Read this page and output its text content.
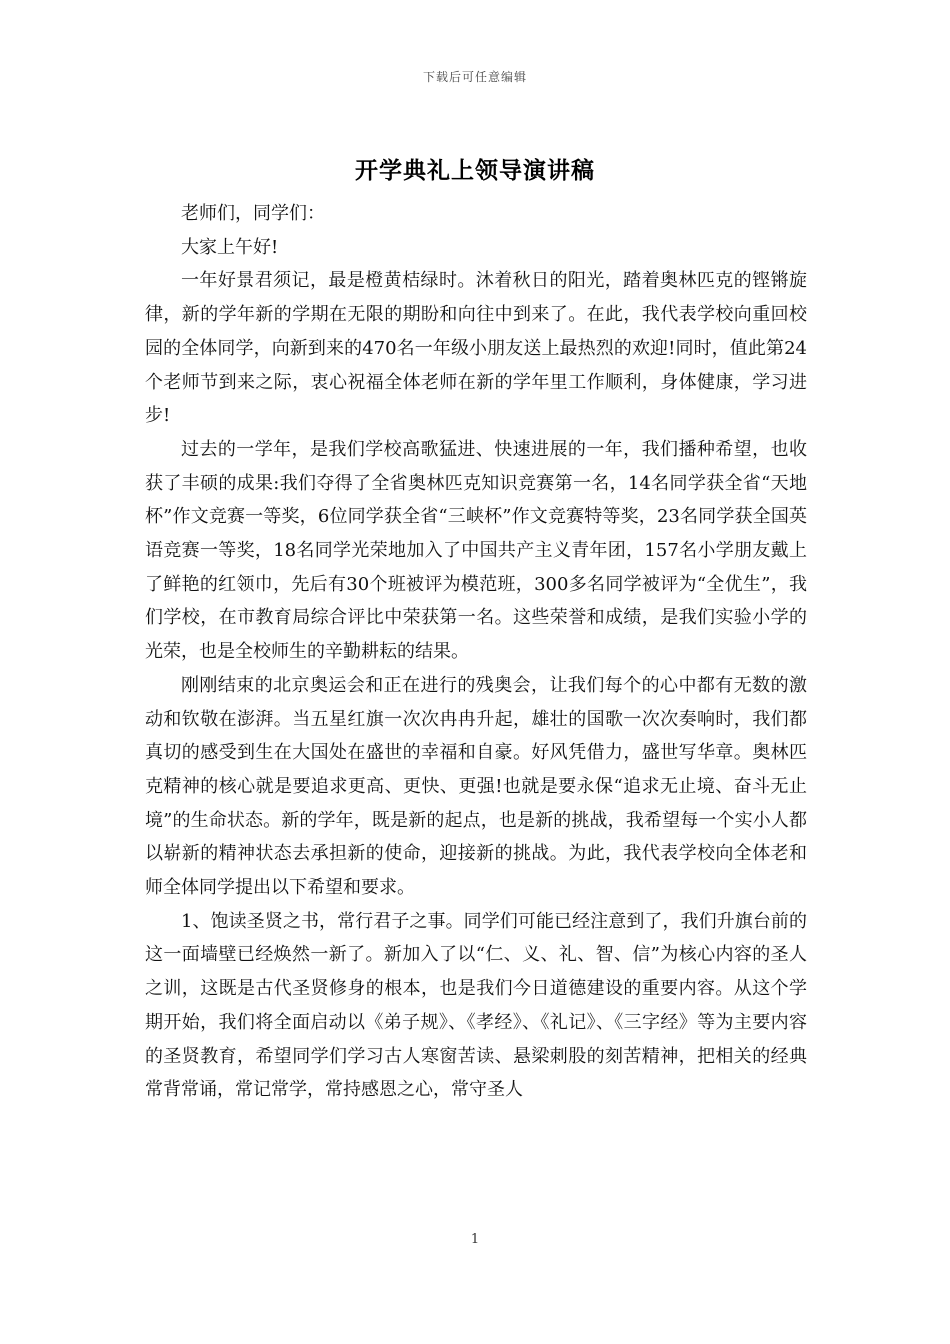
下载后可任意编辑
开学典礼上领导演讲稿

老师们，同学们：

大家上午好!

一年好景君须记，最是橙黄桔绿时。沐着秋日的阳光，踏着奥林匹克的铿锵旋律，新的学年新的学期在无限的期盼和向往中到来了。在此，我代表学校向重回校园的全体同学，向新到来的470名一年级小朋友送上最热烈的欢迎!同时，值此第24个老师节到来之际，衷心祝福全体老师在新的学年里工作顺利，身体健康，学习进步!

过去的一学年，是我们学校高歌猛进、快速进展的一年，我们播种希望，也收获了丰硕的成果:我们夺得了全省奥林匹克知识竞赛第一名，14名同学获全省“天地杯”作文竞赛一等奖，6位同学获全省“三峡杯”作文竞赛特等奖，23名同学获全国英语竞赛一等奖，18名同学光荣地加入了中国共产主义青年团，157名小学朋友戴上了鲜艳的红领巾，先后有30个班被评为模范班，300多名同学被评为“全优生”，我们学校，在市教育局综合评比中荣获第一名。这些荣誉和成绩，是我们实验小学的光荣，也是全校师生的辛勤耕耘的结果。

刚刚结束的北京奥运会和正在进行的残奥会，让我们每个的心中都有无数的激动和钦敬在澎湃。当五星红旗一次次冉冉升起，雄壮的国歌一次次奏响时，我们都真切的感受到生在大国处在盛世的幸福和自豪。好风凭借力，盛世写华章。奥林匹克精神的核心就是要追求更高、更快、更强!也就是要永保“追求无止境、奋斗无止境”的生命状态。新的学年，既是新的起点，也是新的挑战，我希望每一个实小人都以崭新的精神状态去承担新的使命，迎接新的挑战。为此，我代表学校向全体老和师全体同学提出以下希望和要求。

1、饱读圣贤之书，常行君子之事。同学们可能已经注意到了，我们升旗台前的这一面墙壁已经焕然一新了。新加入了以“仁、义、礼、智、信”为核心内容的圣人之训，这既是古代圣贤修身的根本，也是我们今日道德建设的重要内容。从这个学期开始，我们将全面启动以《弟子规》、《孝经》、《礼记》、《三字经》等为主要内容的圣贤教育，希望同学们学习古人寒窗苦读、悬梁刺股的刻苦精神，把相关的经典常背常诵，常记常学，常持感恩之心，常守圣人

1
